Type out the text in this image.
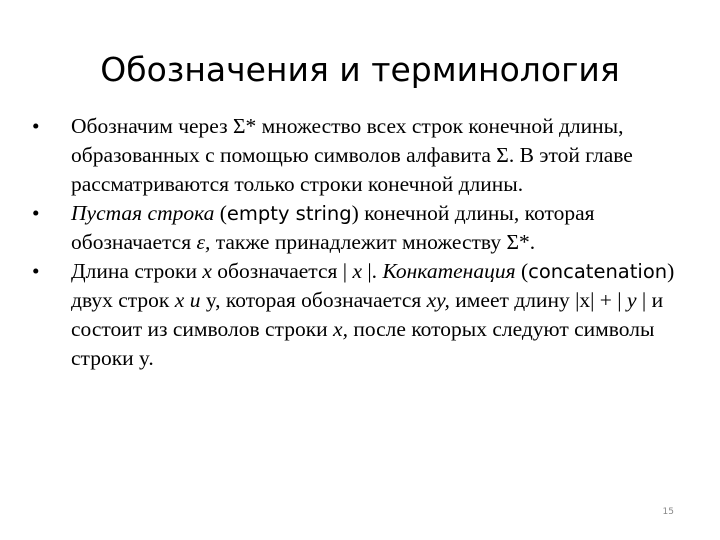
Обозначения и терминология
•	Обозначим через Σ* множество всех строк конечной длины, образованных с помощью символов алфавита Σ. В этой главе рассматриваются только строки конечной длины.
•	Пустая строка (empty string) конечной длины, которая обозначается ε, также принадлежит множеству Σ*.
•	Длина строки x обозначается | x |. Конкатенация (concatenation) двух строк x и y, которая обозначается xy, имеет длину |x| + | y | и состоит из символов строки x, после которых следуют символы строки y.
15
